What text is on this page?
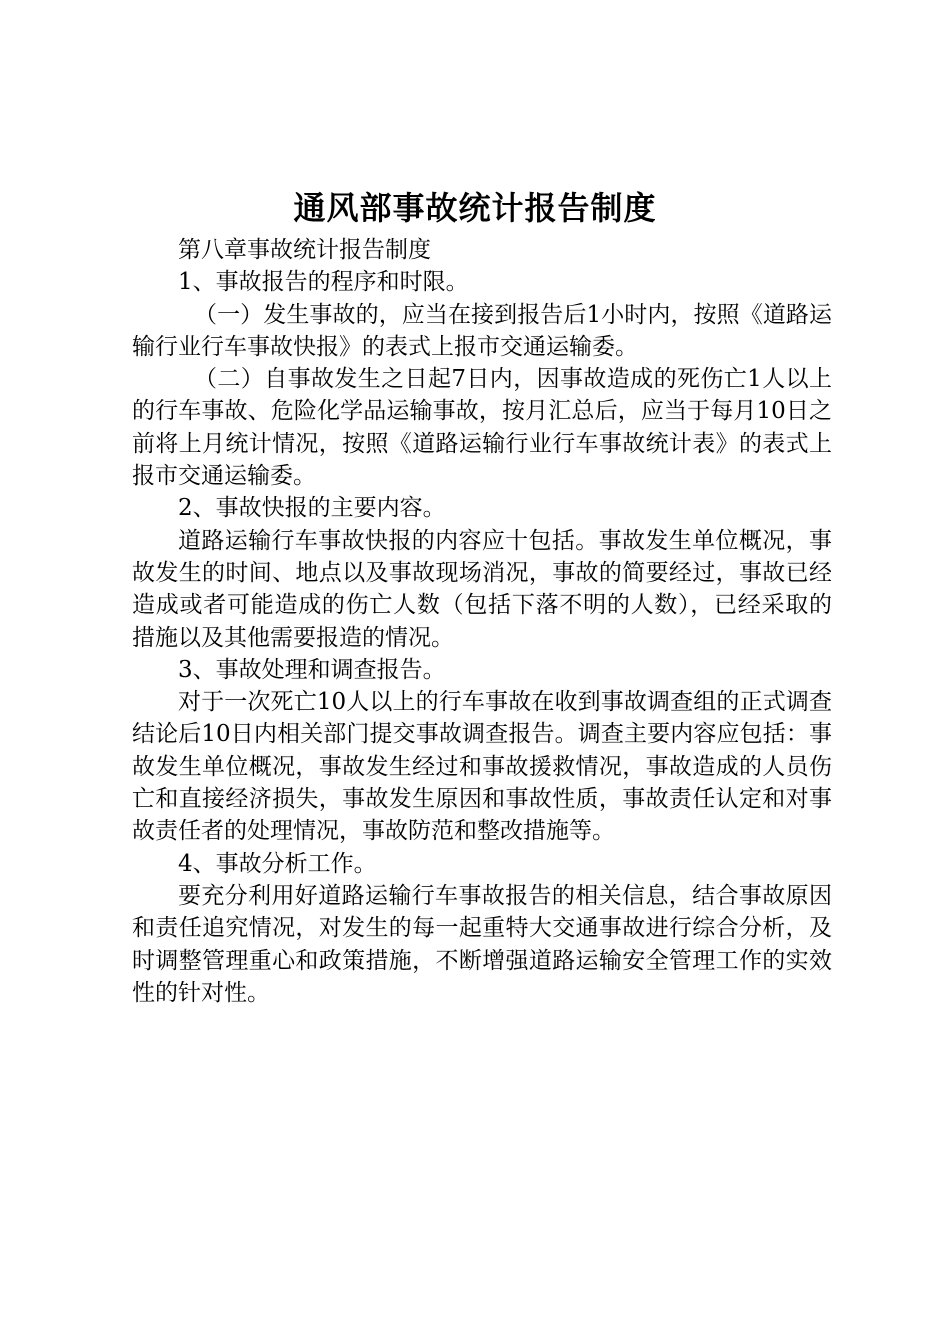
通风部事故统计报告制度

第八章事故统计报告制度

1、事故报告的程序和时限。

（一）发生事故的，应当在接到报告后1小时内，按照《道路运输行业行车事故快报》的表式上报市交通运输委。

（二）自事故发生之日起7日内，因事故造成的死伤亡1人以上的行车事故、危险化学品运输事故，按月汇总后，应当于每月10日之前将上月统计情况，按照《道路运输行业行车事故统计表》的表式上报市交通运输委。

2、事故快报的主要内容。

道路运输行车事故快报的内容应十包括。事故发生单位概况，事故发生的时间、地点以及事故现场消况，事故的简要经过，事故已经造成或者可能造成的伤亡人数（包括下落不明的人数），已经采取的措施以及其他需要报造的情况。

3、事故处理和调查报告。

对于一次死亡10人以上的行车事故在收到事故调查组的正式调查结论后10日内相关部门提交事故调查报告。调查主要内容应包括：事故发生单位概况，事故发生经过和事故援救情况，事故造成的人员伤亡和直接经济损失，事故发生原因和事故性质，事故责任认定和对事故责任者的处理情况，事故防范和整改措施等。

4、事故分析工作。

要充分利用好道路运输行车事故报告的相关信息，结合事故原因和责任追究情况，对发生的每一起重特大交通事故进行综合分析，及时调整管理重心和政策措施，不断增强道路运输安全管理工作的实效性的针对性。
